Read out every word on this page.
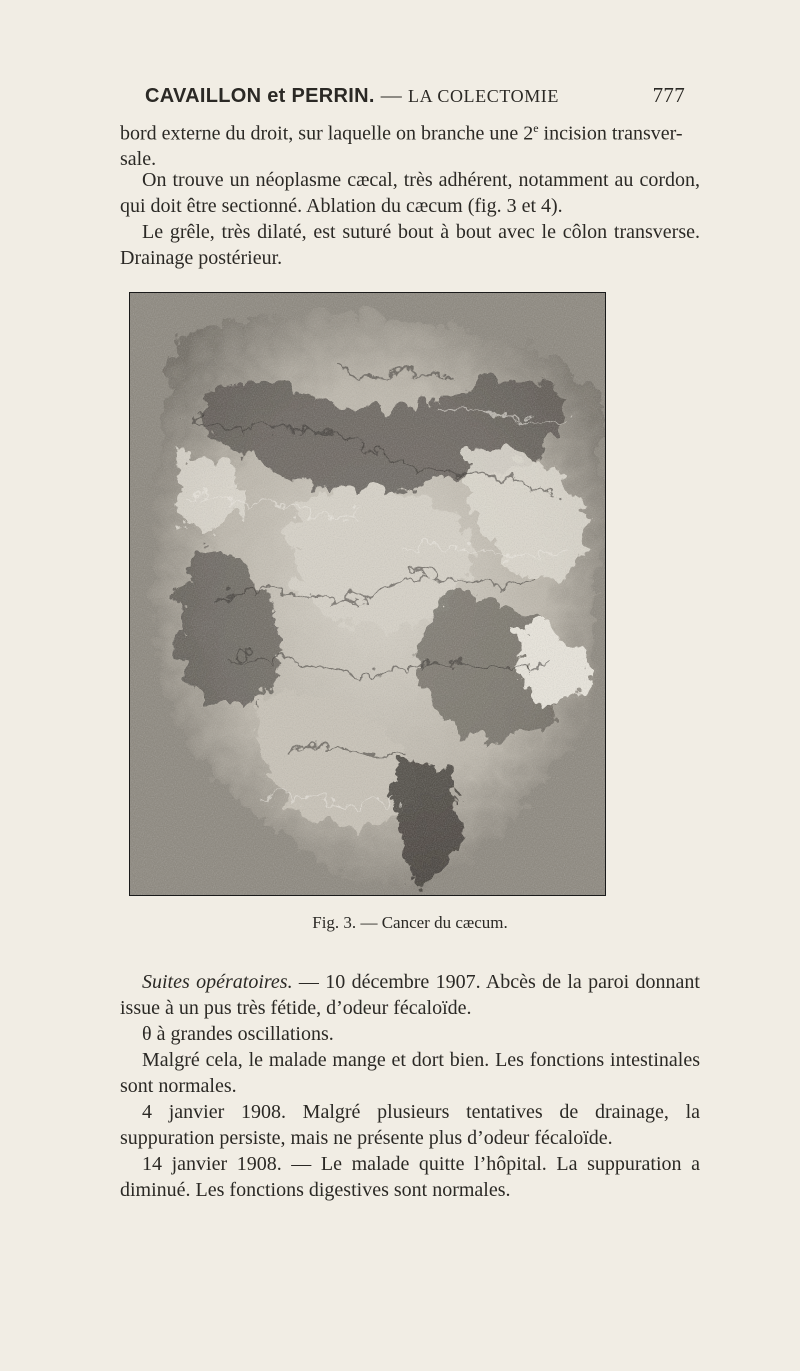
CAVAILLON et PERRIN. — LA COLECTOMIE	777

bord externe du droit, sur laquelle on branche une 2e incision transver-
sale.

On trouve un néoplasme cæcal, très adhérent, notamment au cordon, qui doit être sectionné. Ablation du cæcum (fig. 3 et 4).

Le grêle, très dilaté, est suturé bout à bout avec le côlon transverse. Drainage postérieur.

Fig. 3. — Cancer du cæcum.

Suites opératoires. — 10 décembre 1907. Abcès de la paroi donnant issue à un pus très fétide, d’odeur fécaloïde.

θ à grandes oscillations.

Malgré cela, le malade mange et dort bien. Les fonctions intestinales sont normales.

4 janvier 1908. Malgré plusieurs tentatives de drainage, la suppuration persiste, mais ne présente plus d’odeur fécaloïde.

14 janvier 1908. — Le malade quitte l’hôpital. La suppuration a diminué. Les fonctions digestives sont normales.
